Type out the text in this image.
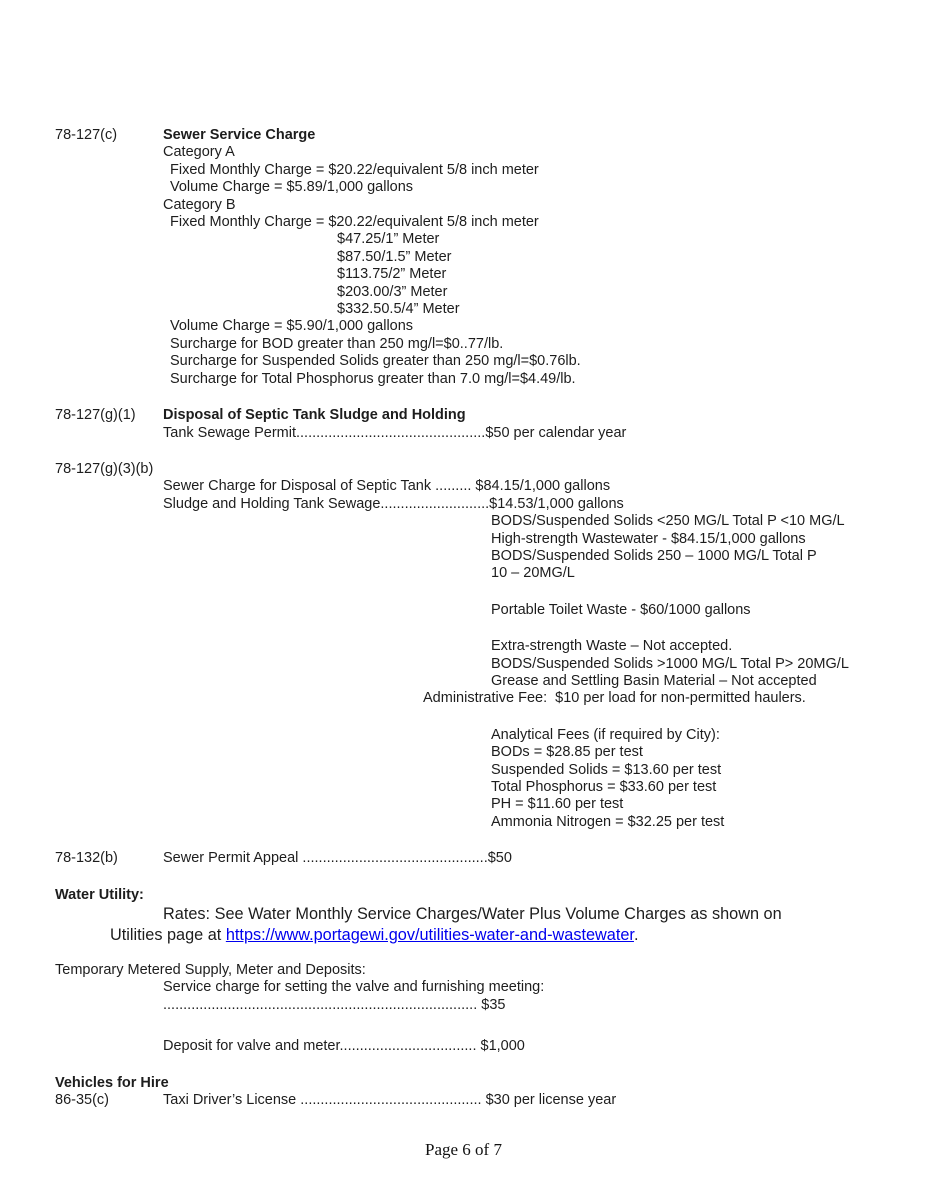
78-127(c)	Sewer Service Charge
Category A
Fixed Monthly Charge = $20.22/equivalent 5/8 inch meter
Volume Charge = $5.89/1,000 gallons
Category B
Fixed Monthly Charge = $20.22/equivalent 5/8 inch meter
$47.25/1” Meter
$87.50/1.5” Meter
$113.75/2” Meter
$203.00/3” Meter
$332.50.5/4” Meter
Volume Charge = $5.90/1,000 gallons
Surcharge for BOD greater than 250 mg/l=$0..77/lb.
Surcharge for Suspended Solids greater than 250 mg/l=$0.76lb.
Surcharge for Total Phosphorus greater than 7.0 mg/l=$4.49/lb.
78-127(g)(1)	Disposal of Septic Tank Sludge and Holding
Tank Sewage Permit...............................................$50 per calendar year
78-127(g)(3)(b)
Sewer Charge for Disposal of Septic Tank ......... $84.15/1,000 gallons
Sludge and Holding Tank Sewage...........................$14.53/1,000 gallons
BODS/Suspended Solids <250 MG/L Total P <10 MG/L
High-strength Wastewater - $84.15/1,000 gallons
BODS/Suspended Solids 250 – 1000 MG/L Total P
10 – 20MG/L
Portable Toilet Waste - $60/1000 gallons
Extra-strength Waste – Not accepted.
BODS/Suspended Solids >1000 MG/L Total P> 20MG/L
Grease and Settling Basin Material – Not accepted
Administrative Fee:  $10 per load for non-permitted haulers.
Analytical Fees (if required by City):
BODs = $28.85 per test
Suspended Solids = $13.60 per test
Total Phosphorus = $33.60 per test
PH = $11.60 per test
Ammonia Nitrogen = $32.25 per test
78-132(b)	Sewer Permit Appeal ..............................................$50
Water Utility:
Rates: See Water Monthly Service Charges/Water Plus Volume Charges as shown on
Utilities page at https://www.portagewi.gov/utilities-water-and-wastewater.
Temporary Metered Supply, Meter and Deposits:
Service charge for setting the valve and furnishing meeting:
.............................................................................. $35
Deposit for valve and meter.................................. $1,000
Vehicles for Hire
86-35(c)	Taxi Driver’s License ............................................. $30 per license year
Page 6 of 7
